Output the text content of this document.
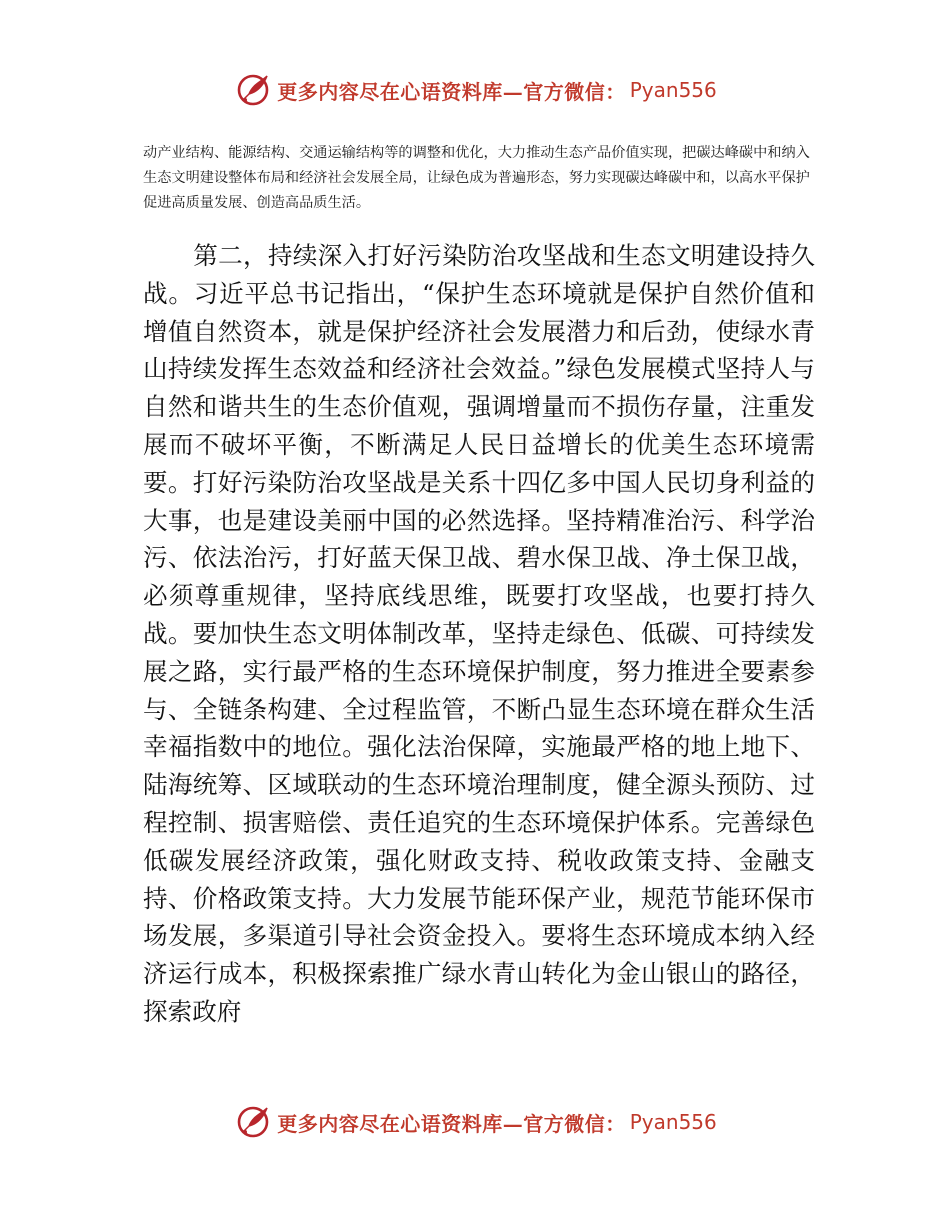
更多内容尽在心语资料库—官方微信： Pyan556

动产业结构、能源结构、交通运输结构等的调整和优化，大力推动生态产品价值实现，把碳达峰碳中和纳入生态文明建设整体布局和经济社会发展全局，让绿色成为普遍形态，努力实现碳达峰碳中和，以高水平保护促进高质量发展、创造高品质生活。

第二，持续深入打好污染防治攻坚战和生态文明建设持久战。习近平总书记指出，“保护生态环境就是保护自然价值和增值自然资本，就是保护经济社会发展潜力和后劲，使绿水青山持续发挥生态效益和经济社会效益。”绿色发展模式坚持人与自然和谐共生的生态价值观，强调增量而不损伤存量，注重发展而不破坏平衡，不断满足人民日益增长的优美生态环境需要。打好污染防治攻坚战是关系十四亿多中国人民切身利益的大事，也是建设美丽中国的必然选择。坚持精准治污、科学治污、依法治污，打好蓝天保卫战、碧水保卫战、净土保卫战，必须尊重规律，坚持底线思维，既要打攻坚战，也要打持久战。要加快生态文明体制改革，坚持走绿色、低碳、可持续发展之路，实行最严格的生态环境保护制度，努力推进全要素参与、全链条构建、全过程监管，不断凸显生态环境在群众生活幸福指数中的地位。强化法治保障，实施最严格的地上地下、陆海统筹、区域联动的生态环境治理制度，健全源头预防、过程控制、损害赔偿、责任追究的生态环境保护体系。完善绿色低碳发展经济政策，强化财政支持、税收政策支持、金融支持、价格政策支持。大力发展节能环保产业，规范节能环保市场发展，多渠道引导社会资金投入。要将生态环境成本纳入经济运行成本，积极探索推广绿水青山转化为金山银山的路径，探索政府

更多内容尽在心语资料库—官方微信： Pyan556
